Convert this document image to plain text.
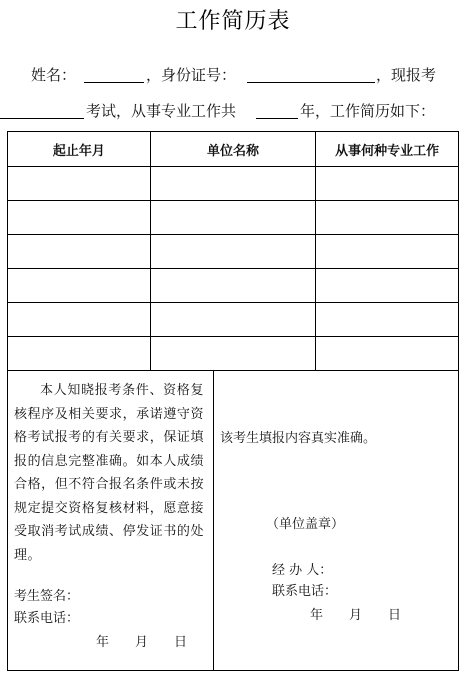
工作简历表
姓名：	，身份证号：	，现报考
考试，从事专业工作共	年，工作简历如下：
起止年月	单位名称	从事何种专业工作

本人知晓报考条件、资格复核程序及相关要求，承诺遵守资格考试报考的有关要求，保证填报的信息完整准确。如本人成绩合格，但不符合报名条件或未按规定提交资格复核材料，愿意接受取消考试成绩、停发证书的处理。
考生签名：
联系电话：
年　　月　　日
该考生填报内容真实准确。
（单位盖章）
经 办 人：
联系电话：
年　　月　　日
